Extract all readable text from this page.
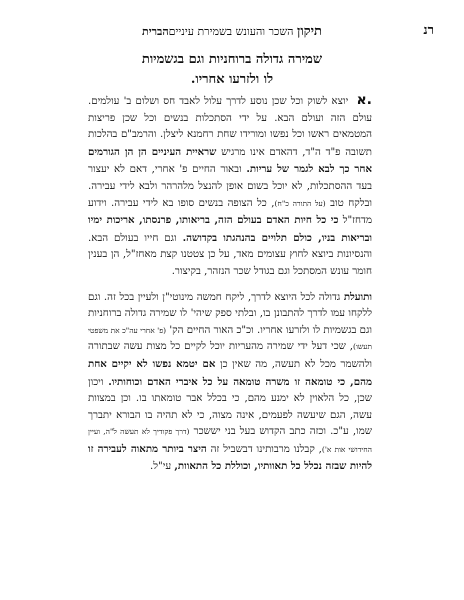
רנ
תיקון השכר והעונש בשמירת עינייםהברית
שמירה גדולה ברוחניות וגם בגשמיות
לו ולזרעו אחריו.

א. יוצא לשוק וכל שכן נוסע לדרך עלול לאבד חס ושלום ב' עולמים. עולם הזה ועולם הבא. על ידי הסתכלות בנשים וכל שכן פריצות המטמאים ראשו וכל נפשו ומורידו שחת רחמנא ליצלן. והרמב"ם בהלכות תשובה פ"ד ה"ד, דהאדם אינו מרגיש שראיית העיניים הן הן הגורמים אחר כך לבא לגמר של עריות. ובאור החיים פ' אחרי, דאם לא יעצור בעד ההסתכלות, לא יוכל בשום אופן להנצל מלהרהר ולבא לידי עבירה. ובלקח טוב (על התורה כ"ח), כל הצופה בנשים סופו בא לידי עבירה. וידוע מדחז"ל כי כל חיות האדם בעולם הזה, בריאותו, פרנסתו, אריכות ימיו ובריאות בניו, כולם תלויים בהנהגתו בקדושה. וגם חייו בעולם הבא. והנסיונות ביוצא לחוץ עצומים מאד, על כן צטטנו קצת מאחז"ל, הן בענין חומר עונש המסתכל וגם בגודל שכר הנזהר, בקיצור.

ותועלת גדולה לכל היוצא לדרך, ליקח חמשה מינוטי"ן ולעיין בכל זה. וגם ללקחו עמו לדרך להתבונן בו, ובלתי ספק שיהי' לו שמירה גדולה ברוחניות וגם בגשמיות לו ולזרעו אחריו. וכ"כ האור החיים הק' (פ' אחרי עה"כ את משפטי תעשו), שכי דעל ידי שמירה מהעריות יוכל לקיים כל מצות עשה שבתורה ולהשמר מכל לא תעשה, מה שאין כן אם יטמא נפשו לא יקיים אחת מהם, כי טומאה זו משרה טומאה על כל איברי האדם וכוחותיו. ויכון שכן, כל הלאוין לא ימנע מהם, כי בכלל אבר טומאתו בו. וכן במצוות עשה, הגם שיעשה לפעמים, אינה מצוה, כי לא תהיה בו הבורא יתברך שמו, ע"כ. וכזה כתב הקדוש בעל בני יששכר (דרך פקודיך לא תעשה ל"ה, ועיין החידושי אות א'), קבלנו מרבותינו דבשביל זה היצר ביותר מתאוה לעבירה זו להיות שבזה נכלל כל תאוותיו, וכוללת כל התאוות, עי"ל.
